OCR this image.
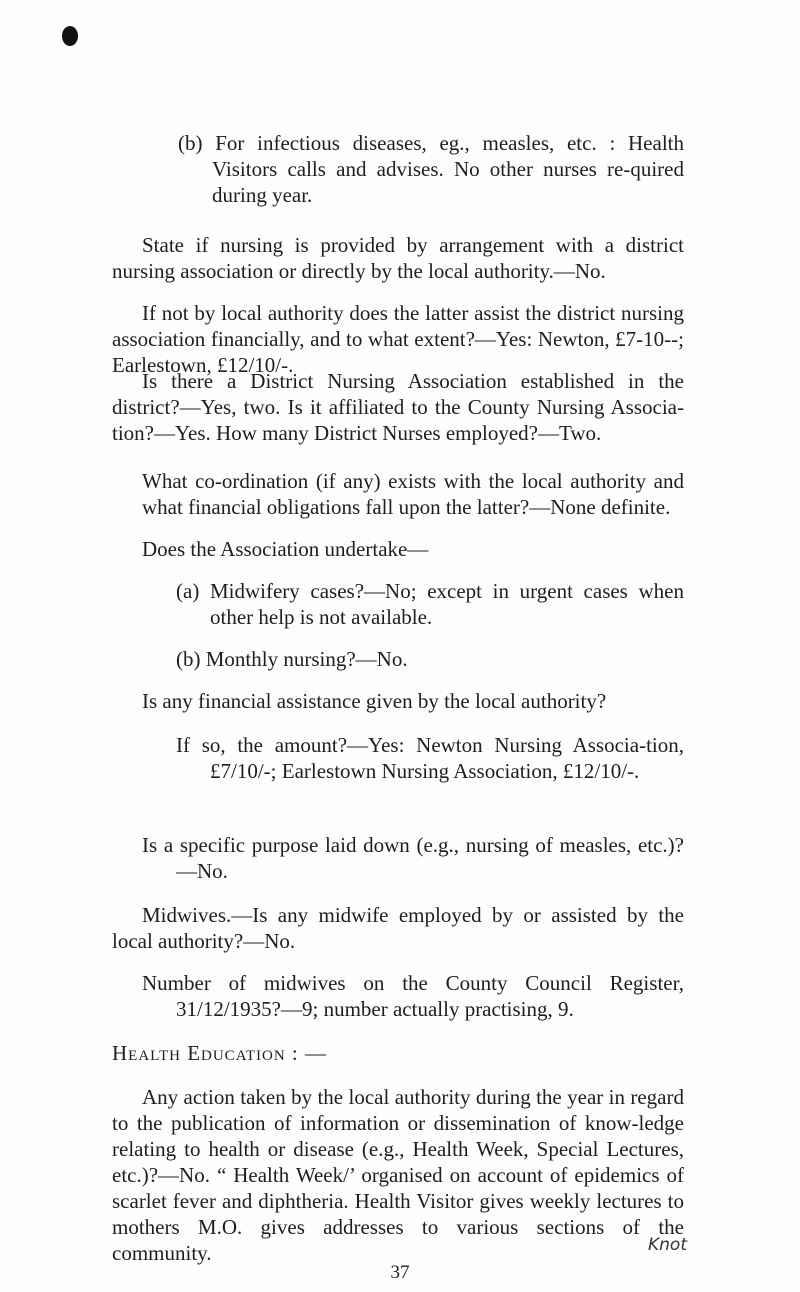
(b) For infectious diseases, eg., measles, etc. : Health Visitors calls and advises. No other nurses re-quired during year.

State if nursing is provided by arrangement with a district nursing association or directly by the local authority.—No.

If not by local authority does the latter assist the district nursing association financially, and to what extent?—Yes: Newton, £7-10--; Earlestown, £12/10/-.

Is there a District Nursing Association established in the district?—Yes, two. Is it affiliated to the County Nursing Associa-tion?—Yes. How many District Nurses employed?—Two.

What co-ordination (if any) exists with the local authority and what financial obligations fall upon the latter?—None definite.

Does the Association undertake—

(a) Midwifery cases?—No; except in urgent cases when other help is not available.

(b) Monthly nursing?—No.

Is any financial assistance given by the local authority?

If so, the amount?—Yes: Newton Nursing Associa-tion, £7/10/-; Earlestown Nursing Association, £12/10/-.

Is a specific purpose laid down (e.g., nursing of measles, etc.)?—No.

Midwives.—Is any midwife employed by or assisted by the local authority?—No.

Number of midwives on the County Council Register, 31/12/1935?—9; number actually practising, 9.

Health Education : —

Any action taken by the local authority during the year in regard to the publication of information or dissemination of know-ledge relating to health or disease (e.g., Health Week, Special Lectures, etc.)?—No. “ Health Week/’ organised on account of epidemics of scarlet fever and diphtheria. Health Visitor gives weekly lectures to mothers M.O. gives addresses to various sections of the community.	Knot
37
